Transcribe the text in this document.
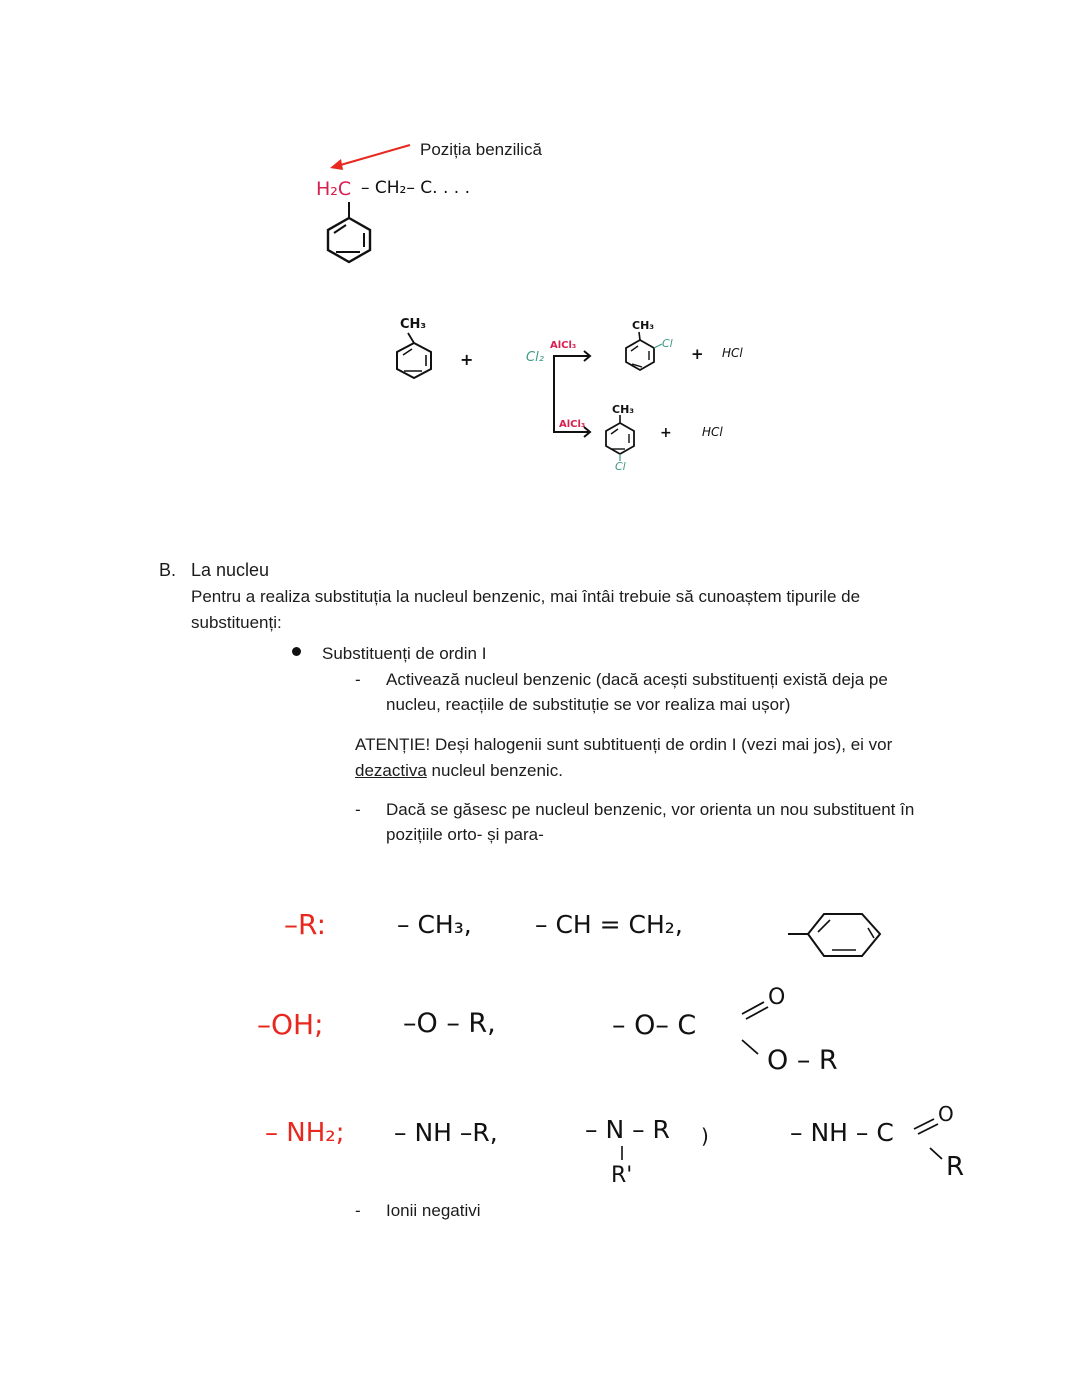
Poziția benzilică
H₂C – CH₂– C. . . .
CH₃
+	Cl₂
AlCl₃
AlCl₃
CH₃
Cl
+ HCl
CH₃
Cl
+	HCl
B. La nucleu
Pentru a realiza substituția la nucleul benzenic, mai întâi trebuie să cunoaștem tipurile de
substituenți:
Substituenți de ordin I
- Activează nucleul benzenic (dacă acești substituenți există deja pe
nucleu, reacțiile de substituție se vor realiza mai ușor)
ATENȚIE! Deși halogenii sunt subtituenți de ordin I (vezi mai jos), ei vor
dezactiva nucleul benzenic.
- Dacă se găsesc pe nucleul benzenic, vor orienta un nou substituent în
pozițiile orto- și para-
- Ionii negativi
–R:	– CH₃,	– CH = CH₂,
–OH;	–O – R,	– O– C
O
O – R
– NH₂; – NH –R,	– N – R
R'
)	– NH – C
O
R
